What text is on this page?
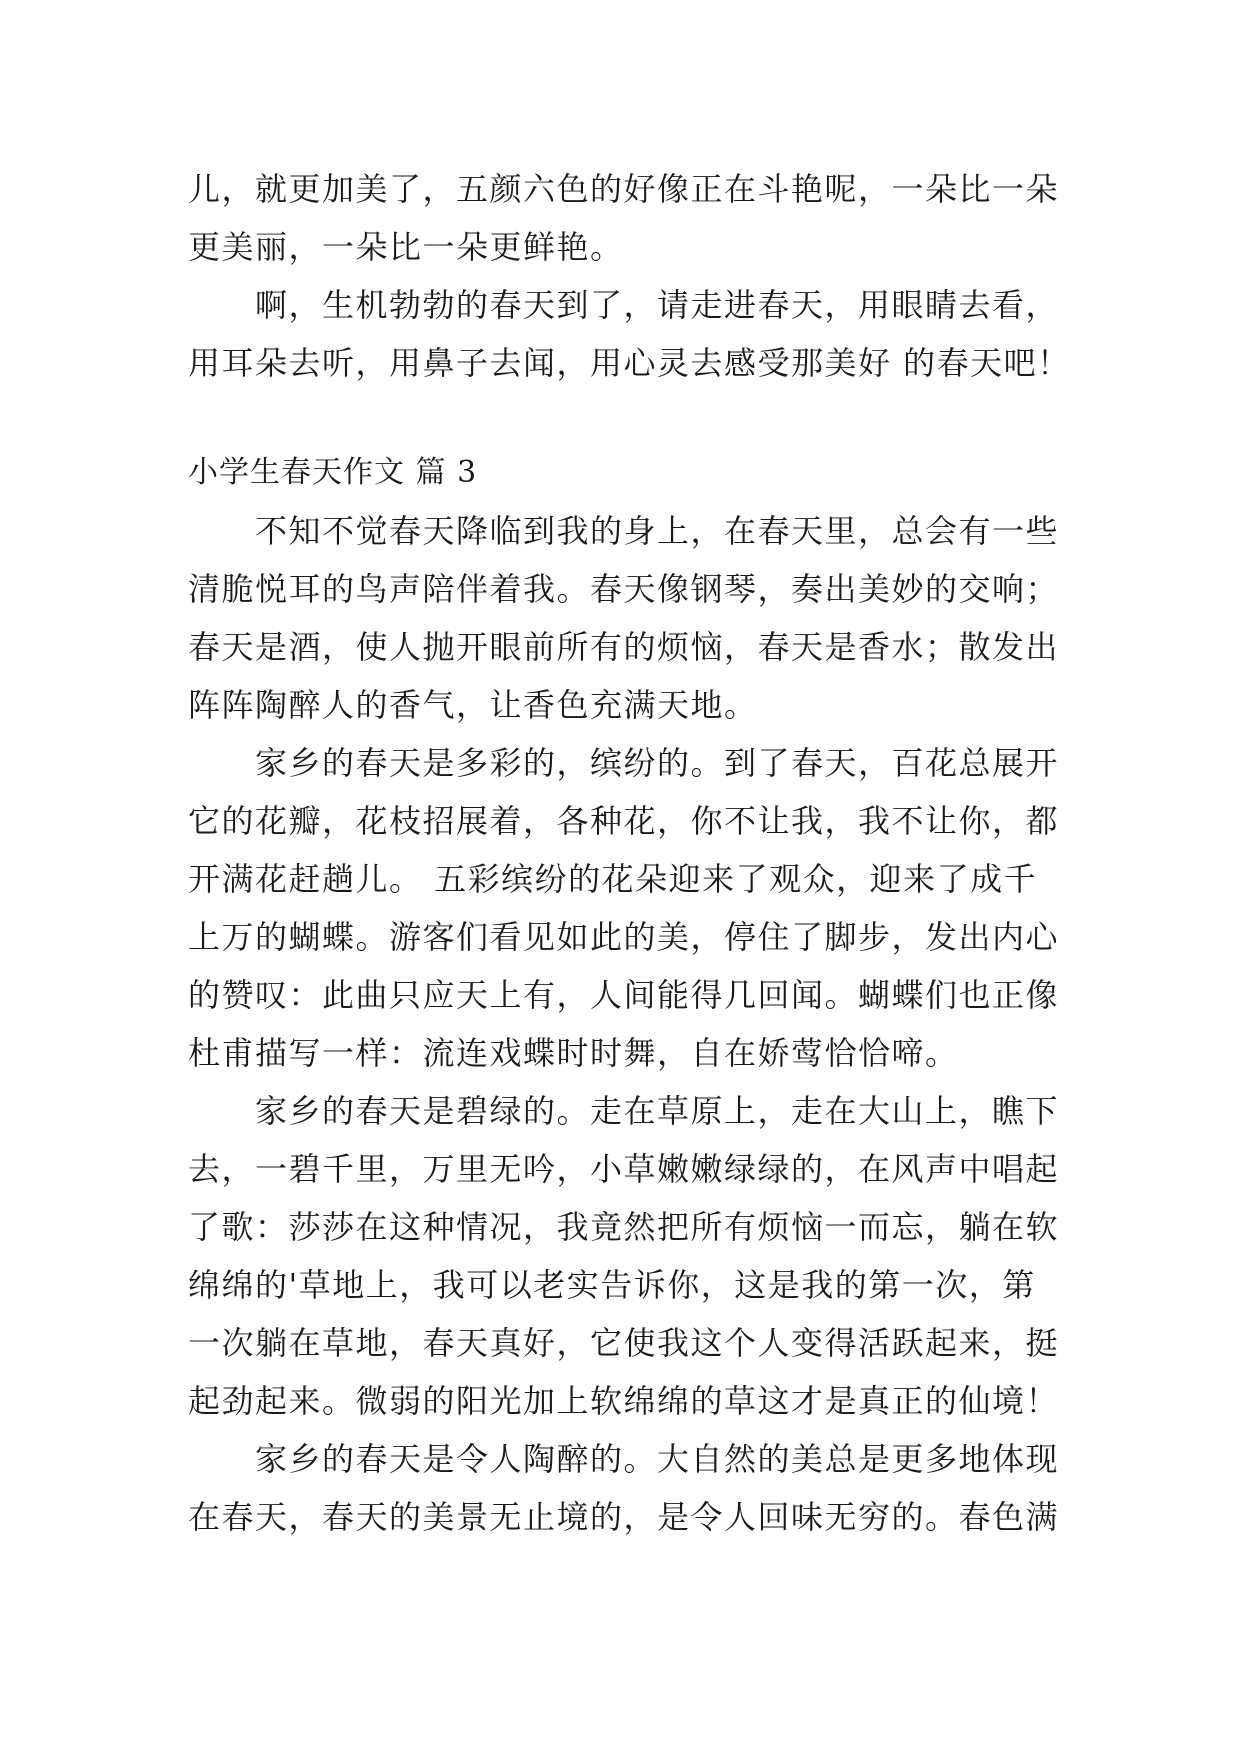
儿，就更加美了，五颜六色的好像正在斗艳呢，一朵比一朵
更美丽，一朵比一朵更鲜艳。
啊，生机勃勃的春天到了，请走进春天，用眼睛去看，
用耳朵去听，用鼻子去闻，用心灵去感受那美好 的春天吧！
小学生春天作文 篇 3
不知不觉春天降临到我的身上，在春天里，总会有一些
清脆悦耳的鸟声陪伴着我。春天像钢琴，奏出美妙的交响；
春天是酒，使人抛开眼前所有的烦恼，春天是香水；散发出
阵阵陶醉人的香气，让香色充满天地。
家乡的春天是多彩的，缤纷的。到了春天，百花总展开
它的花瓣，花枝招展着，各种花，你不让我，我不让你，都
开满花赶趟儿。 五彩缤纷的花朵迎来了观众，迎来了成千
上万的蝴蝶。游客们看见如此的美，停住了脚步，发出内心
的赞叹：此曲只应天上有，人间能得几回闻。蝴蝶们也正像
杜甫描写一样：流连戏蝶时时舞，自在娇莺恰恰啼。
家乡的春天是碧绿的。走在草原上，走在大山上，瞧下
去，一碧千里，万里无吟，小草嫩嫩绿绿的，在风声中唱起
了歌：莎莎在这种情况，我竟然把所有烦恼一而忘，躺在软
绵绵的'草地上，我可以老实告诉你，这是我的第一次，第
一次躺在草地，春天真好，它使我这个人变得活跃起来，挺
起劲起来。微弱的阳光加上软绵绵的草这才是真正的仙境！
家乡的春天是令人陶醉的。大自然的美总是更多地体现
在春天，春天的美景无止境的，是令人回味无穷的。春色满
